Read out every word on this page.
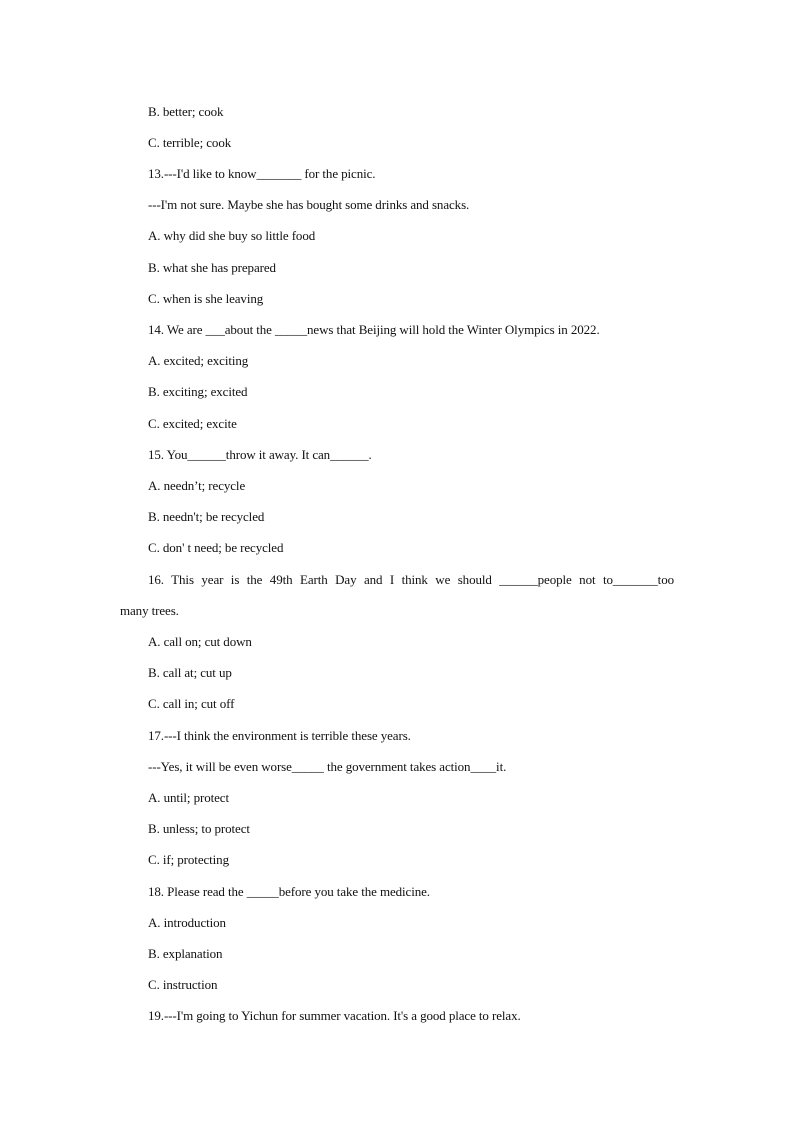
B. better; cook
C. terrible; cook
13.---I'd like to know_______ for the picnic.
---I'm not sure. Maybe she has bought some drinks and snacks.
A. why did she buy so little food
B. what she has prepared
C. when is she leaving
14. We are ___about the _____news that Beijing will hold the Winter Olympics in 2022.
A. excited; exciting
B. exciting; excited
C. excited; excite
15. You______throw it away. It can______.
A. needn’t; recycle
B. needn't; be recycled
C. don' t need; be recycled
16. This year is the 49th Earth Day and I think we should ______people not to_______too
many trees.
A. call on; cut down
B. call at; cut up
C. call in; cut off
17.---I think the environment is terrible these years.
---Yes, it will be even worse_____ the government takes action____it.
A. until; protect
B. unless; to protect
C. if; protecting
18. Please read the _____before you take the medicine.
A. introduction
B. explanation
C. instruction
19.---I'm going to Yichun for summer vacation. It's a good place to relax.
